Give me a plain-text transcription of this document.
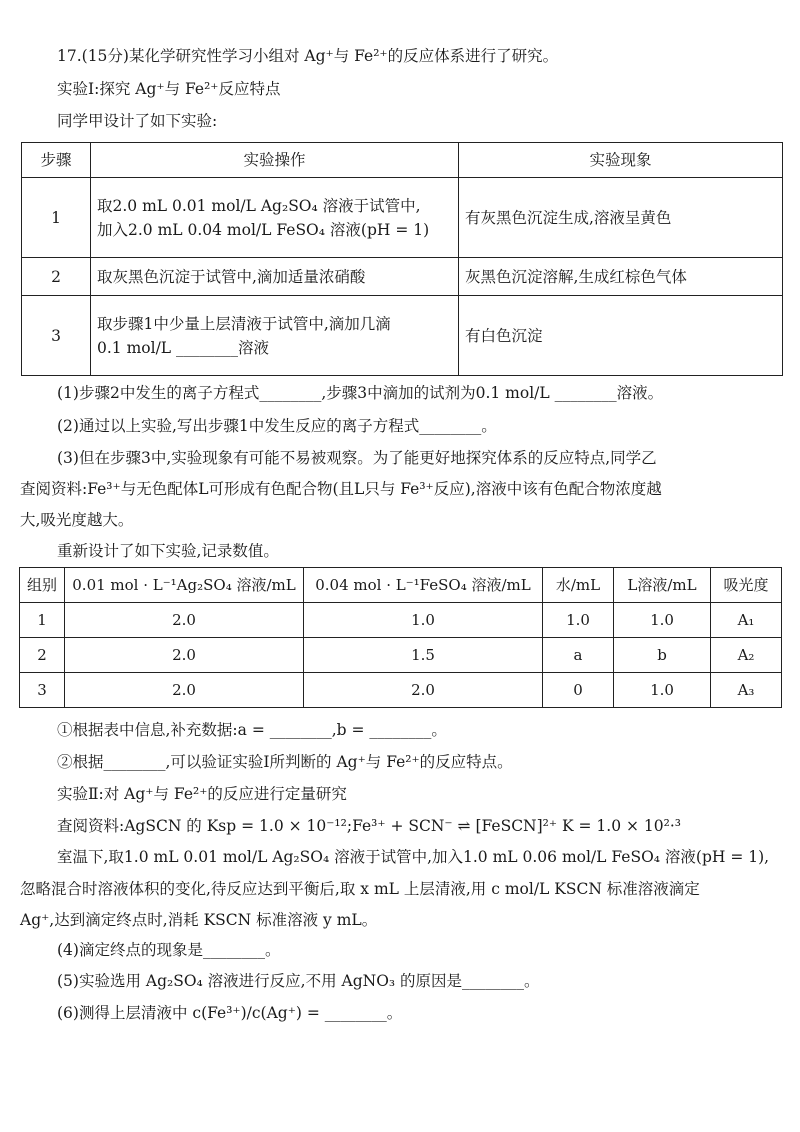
17.(15分)某化学研究性学习小组对 Ag⁺与 Fe²⁺的反应体系进行了研究。
实验Ⅰ:探究 Ag⁺与 Fe²⁺反应特点
同学甲设计了如下实验:
步骤	实验操作	实验现象
1	取2.0 mL 0.01 mol/L Ag₂SO₄ 溶液于试管中,
加入2.0 mL 0.04 mol/L FeSO₄ 溶液(pH = 1)	有灰黑色沉淀生成,溶液呈黄色
2	取灰黑色沉淀于试管中,滴加适量浓硝酸	灰黑色沉淀溶解,生成红棕色气体
3	取步骤1中少量上层清液于试管中,滴加几滴
0.1 mol/L ________溶液	有白色沉淀
(1)步骤2中发生的离子方程式________,步骤3中滴加的试剂为0.1 mol/L ________溶液。
(2)通过以上实验,写出步骤1中发生反应的离子方程式________。
(3)但在步骤3中,实验现象有可能不易被观察。为了能更好地探究体系的反应特点,同学乙
查阅资料:Fe³⁺与无色配体L可形成有色配合物(且L只与 Fe³⁺反应),溶液中该有色配合物浓度越
大,吸光度越大。
重新设计了如下实验,记录数值。
组别	0.01 mol · L⁻¹Ag₂SO₄ 溶液/mL	0.04 mol · L⁻¹FeSO₄ 溶液/mL	水/mL	L溶液/mL	吸光度
1	2.0	1.0	1.0	1.0	A₁
2	2.0	1.5	a	b	A₂
3	2.0	2.0	0	1.0	A₃
①根据表中信息,补充数据:a = ________,b = ________。
②根据________,可以验证实验Ⅰ所判断的 Ag⁺与 Fe²⁺的反应特点。
实验Ⅱ:对 Ag⁺与 Fe²⁺的反应进行定量研究
查阅资料:AgSCN 的 Ksp = 1.0 × 10⁻¹²;Fe³⁺ + SCN⁻ ⇌ [FeSCN]²⁺ K = 1.0 × 10²·³
室温下,取1.0 mL 0.01 mol/L Ag₂SO₄ 溶液于试管中,加入1.0 mL 0.06 mol/L FeSO₄ 溶液(pH = 1),
忽略混合时溶液体积的变化,待反应达到平衡后,取 x mL 上层清液,用 c mol/L KSCN 标准溶液滴定
Ag⁺,达到滴定终点时,消耗 KSCN 标准溶液 y mL。
(4)滴定终点的现象是________。
(5)实验选用 Ag₂SO₄ 溶液进行反应,不用 AgNO₃ 的原因是________。
(6)测得上层清液中 c(Fe³⁺)/c(Ag⁺) = ________。
